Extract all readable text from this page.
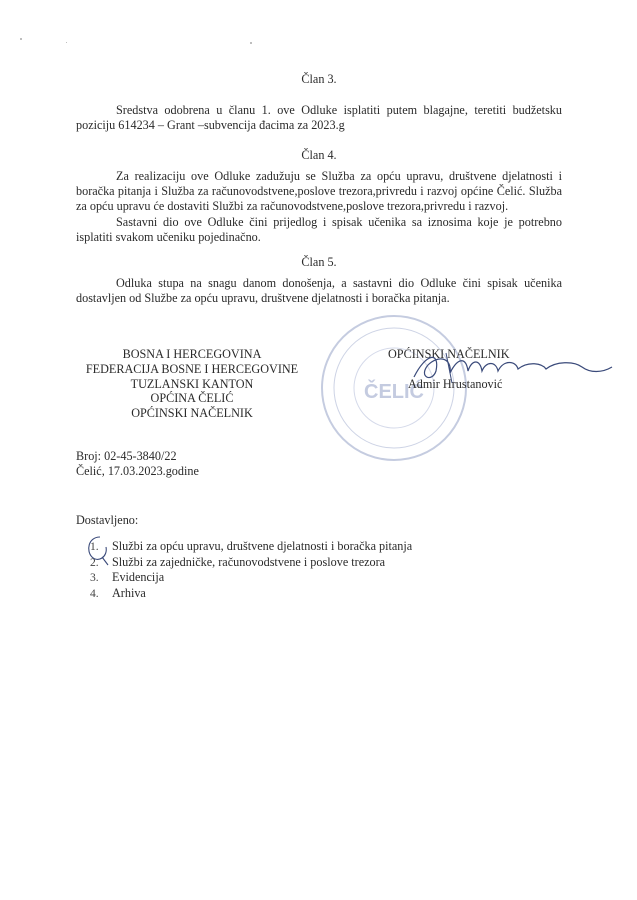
Član 3.

Sredstva odobrena u članu 1. ove Odluke isplatiti putem blagajne, teretiti budžetsku poziciju 614234 – Grant –subvencija đacima za 2023.g

Član 4.

Za realizaciju ove Odluke zadužuju se Služba za opću upravu, društvene djelatnosti i boračka pitanja i Služba za računovodstvene,poslove trezora,privredu i razvoj općine Čelić. Služba za opću upravu će dostaviti Službi za računovodstvene,poslove trezora,privredu i razvoj.

Sastavni dio ove Odluke čini prijedlog i spisak učenika sa iznosima koje je potrebno isplatiti svakom učeniku pojedinačno.

Član 5.

Odluka stupa na snagu danom donošenja, a sastavni dio Odluke čini spisak učenika dostavljen od Službe za opću upravu, društvene djelatnosti i boračka pitanja.

ČELIĆ
BOSNA I HERCEGOVINA
FEDERACIJA BOSNE I HERCEGOVINE
TUZLANSKI KANTON
OPĆINA ČELIĆ
OPĆINSKI NAČELNIK
OPĆINSKI NAČELNIK
Admir Hrustanović
Broj: 02-45-3840/22
Čelić, 17.03.2023.godine
Dostavljeno:
1.	Službi za opću upravu, društvene djelatnosti i boračka pitanja
2.	Službi za zajedničke, računovodstvene i poslove trezora
3.	Evidencija
4.	Arhiva
